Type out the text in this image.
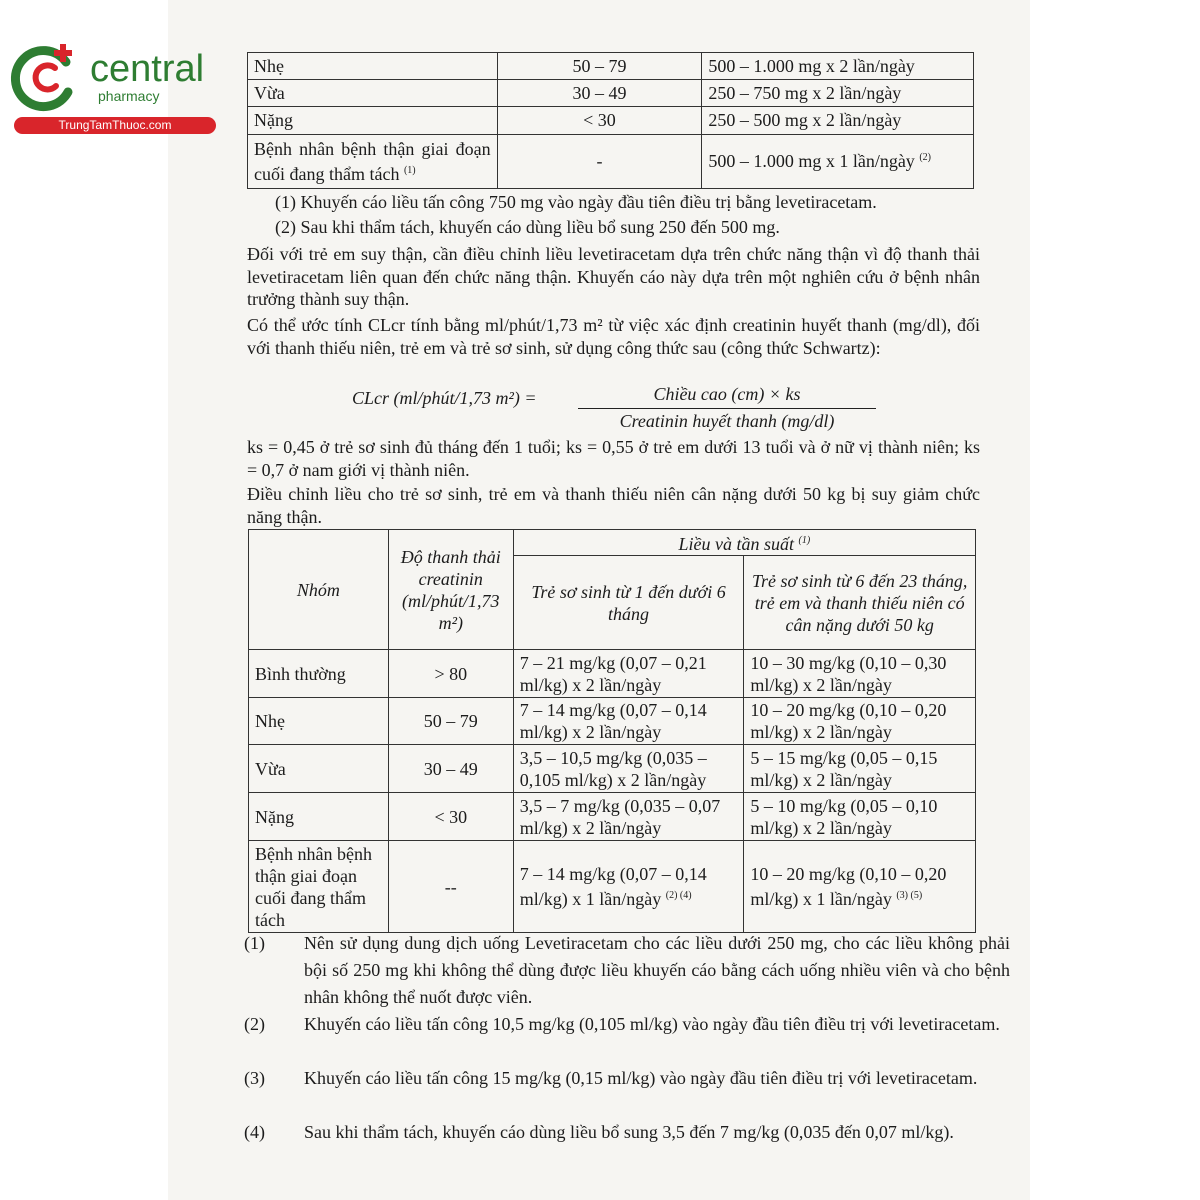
central
pharmacy
TrungTamThuoc.com
Nhẹ	50 – 79	500 – 1.000 mg x 2 lần/ngày
Vừa	30 – 49	250 – 750 mg x 2 lần/ngày
Nặng	< 30	250 – 500 mg x 2 lần/ngày
Bệnh nhân bệnh thận giai đoạn cuối đang thẩm tách $^{(1)}$	-	500 – 1.000 mg x 1 lần/ngày $^{(2)}$
(1) Khuyến cáo liều tấn công 750 mg vào ngày đầu tiên điều trị bằng levetiracetam.
(2) Sau khi thẩm tách, khuyến cáo dùng liều bổ sung 250 đến 500 mg.
Đối với trẻ em suy thận, cần điều chỉnh liều levetiracetam dựa trên chức năng thận vì độ thanh thải levetiracetam liên quan đến chức năng thận. Khuyến cáo này dựa trên một nghiên cứu ở bệnh nhân trưởng thành suy thận.
Có thể ước tính CLcr tính bằng ml/phút/1,73 m² từ việc xác định creatinin huyết thanh (mg/dl), đối với thanh thiếu niên, trẻ em và trẻ sơ sinh, sử dụng công thức sau (công thức Schwartz):
CLcr (ml/phút/1,73 m²) =	Chiều cao (cm) × ks
Creatinin huyết thanh (mg/dl)
ks = 0,45 ở trẻ sơ sinh đủ tháng đến 1 tuổi; ks = 0,55 ở trẻ em dưới 13 tuổi và ở nữ vị thành niên; ks = 0,7 ở nam giới vị thành niên.
Điều chỉnh liều cho trẻ sơ sinh, trẻ em và thanh thiếu niên cân nặng dưới 50 kg bị suy giảm chức năng thận.
Nhóm	Độ thanh thải creatinin (ml/phút/1,73 m²)	Liều và tần suất $^{(1)}$
		Trẻ sơ sinh từ 1 đến dưới 6 tháng	Trẻ sơ sinh từ 6 đến 23 tháng, trẻ em và thanh thiếu niên có cân nặng dưới 50 kg
Bình thường	> 80	7 – 21 mg/kg (0,07 – 0,21 ml/kg) x 2 lần/ngày	10 – 30 mg/kg (0,10 – 0,30 ml/kg) x 2 lần/ngày
Nhẹ	50 – 79	7 – 14 mg/kg (0,07 – 0,14 ml/kg) x 2 lần/ngày	10 – 20 mg/kg (0,10 – 0,20 ml/kg) x 2 lần/ngày
Vừa	30 – 49	3,5 – 10,5 mg/kg (0,035 – 0,105 ml/kg) x 2 lần/ngày	5 – 15 mg/kg (0,05 – 0,15 ml/kg) x 2 lần/ngày
Nặng	< 30	3,5 – 7 mg/kg (0,035 – 0,07 ml/kg) x 2 lần/ngày	5 – 10 mg/kg (0,05 – 0,10 ml/kg) x 2 lần/ngày
Bệnh nhân bệnh thận giai đoạn cuối đang thẩm tách	--	7 – 14 mg/kg (0,07 – 0,14 ml/kg) x 1 lần/ngày $^{(2) (4)}$	10 – 20 mg/kg (0,10 – 0,20 ml/kg) x 1 lần/ngày $^{(3) (5)}$
(1) Nên sử dụng dung dịch uống Levetiracetam cho các liều dưới 250 mg, cho các liều không phải bội số 250 mg khi không thể dùng được liều khuyến cáo bằng cách uống nhiều viên và cho bệnh nhân không thể nuốt được viên.
(2) Khuyến cáo liều tấn công 10,5 mg/kg (0,105 ml/kg) vào ngày đầu tiên điều trị với levetiracetam.
(3) Khuyến cáo liều tấn công 15 mg/kg (0,15 ml/kg) vào ngày đầu tiên điều trị với levetiracetam.
(4) Sau khi thẩm tách, khuyến cáo dùng liều bổ sung 3,5 đến 7 mg/kg (0,035 đến 0,07 ml/kg).
